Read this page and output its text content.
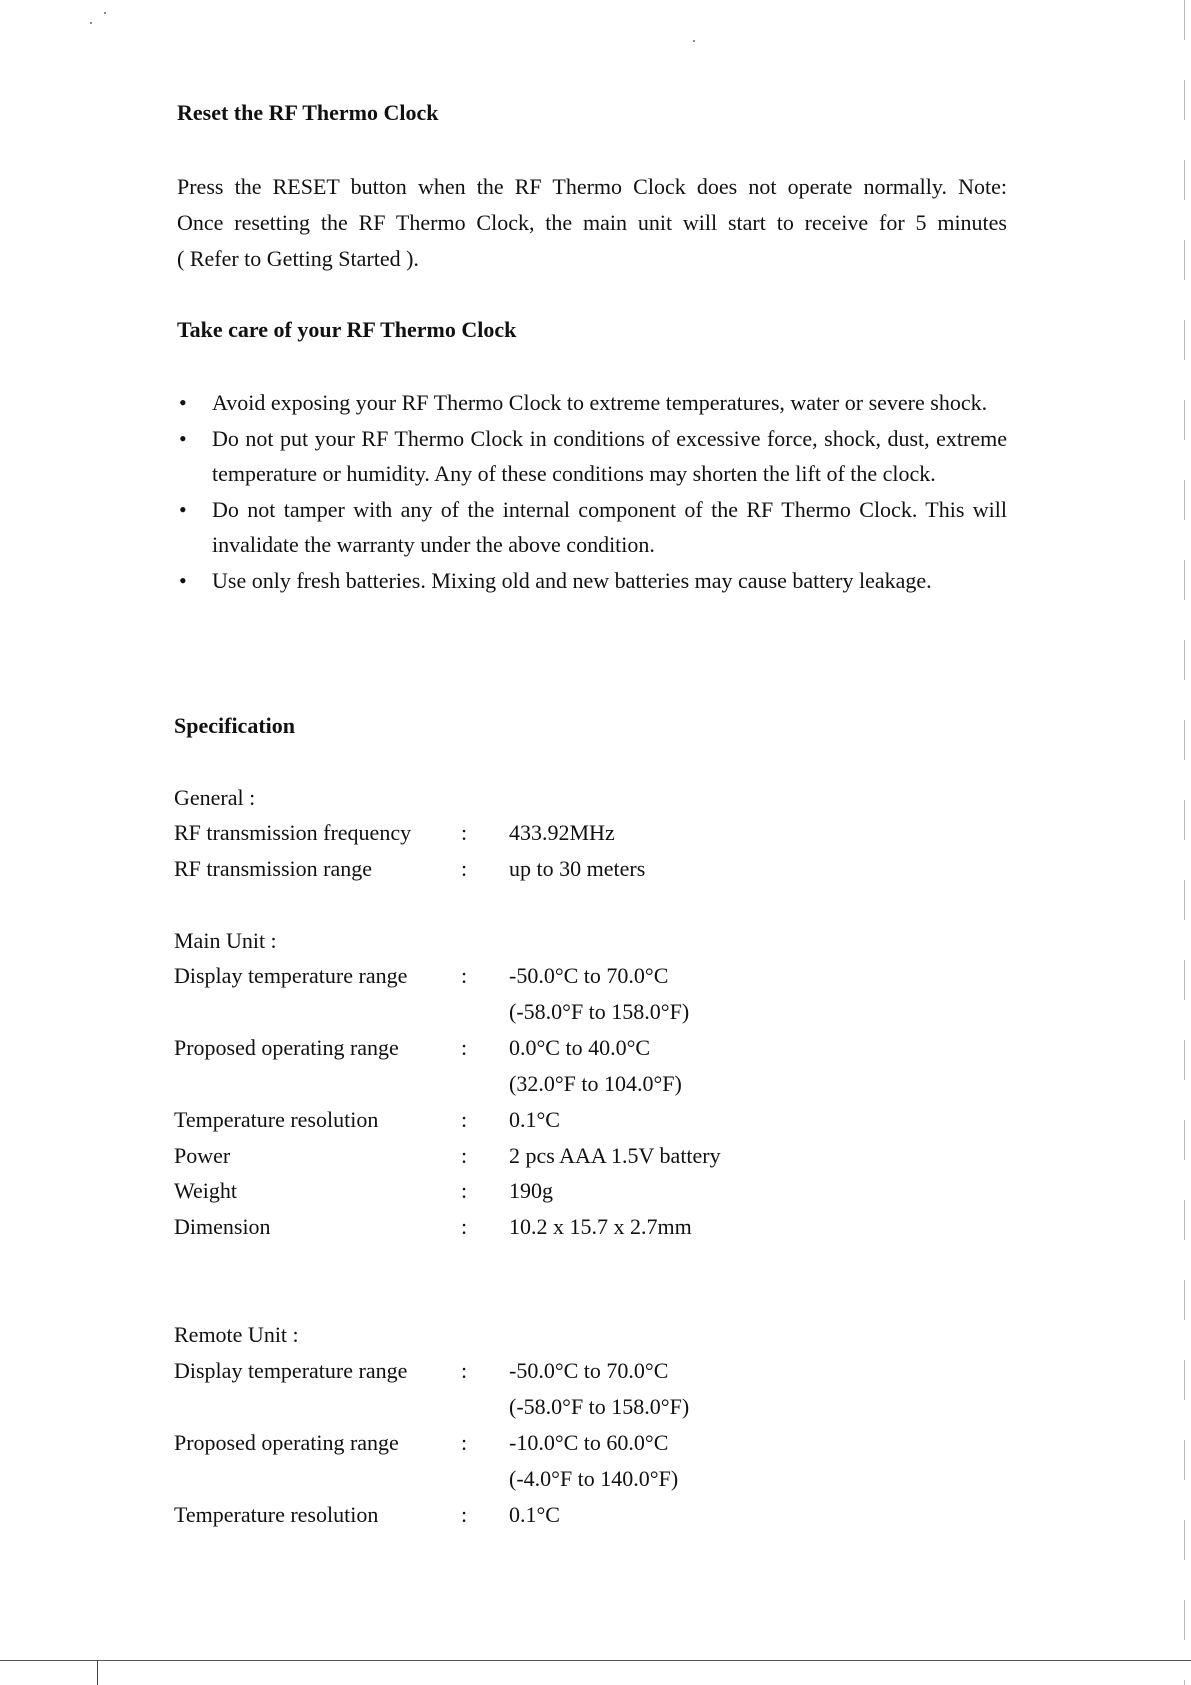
Reset the RF Thermo Clock

Press the RESET button when the RF Thermo Clock does not operate normally. Note:
Once resetting the RF Thermo Clock, the main unit will start to receive for 5 minutes
( Refer to Getting Started ).

Take care of your RF Thermo Clock
• Avoid exposing your RF Thermo Clock to extreme temperatures, water or severe shock.
• Do not put your RF Thermo Clock in conditions of excessive force, shock, dust, extreme temperature or humidity. Any of these conditions may shorten the lift of the clock.
• Do not tamper with any of the internal component of the RF Thermo Clock. This will invalidate the warranty under the above condition.
• Use only fresh batteries. Mixing old and new batteries may cause battery leakage.
Specification
General :
RF transmission frequency : 433.92MHz
RF transmission range	: up to 30 meters
Main Unit :
Display temperature range : -50.0°C to 70.0°C
(-58.0°F to 158.0°F)
Proposed operating range	: 0.0°C to 40.0°C
(32.0°F to 104.0°F)
Temperature resolution	: 0.1°C
Power	: 2 pcs AAA 1.5V battery
Weight	: 190g
Dimension	: 10.2 x 15.7 x 2.7mm
Remote Unit :
Display temperature range : -50.0°C to 70.0°C
(-58.0°F to 158.0°F)
Proposed operating range	: -10.0°C to 60.0°C
(-4.0°F to 140.0°F)
Temperature resolution	: 0.1°C
